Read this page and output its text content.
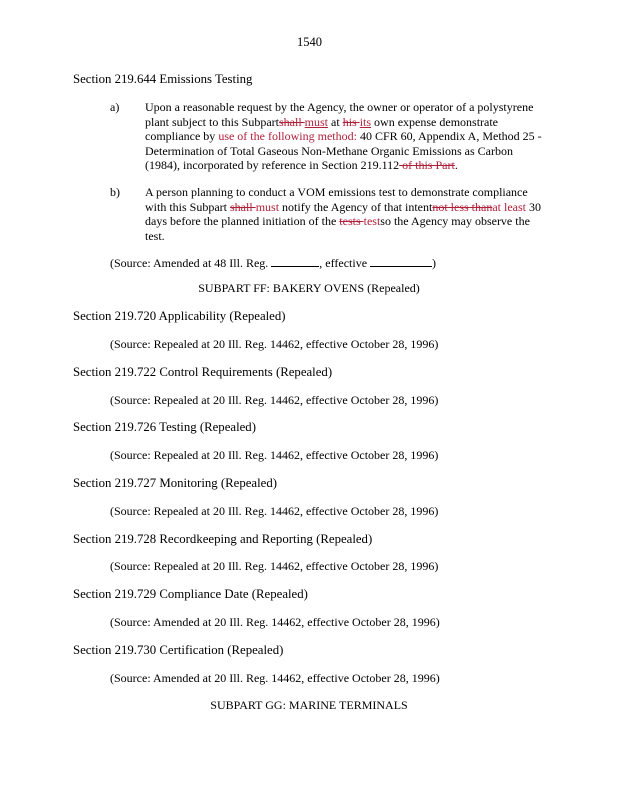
1540
Section 219.644 Emissions Testing
a) Upon a reasonable request by the Agency, the owner or operator of a polystyrene plant subject to this Subpartshall must at his its own expense demonstrate compliance by use of the following method: 40 CFR 60, Appendix A, Method 25 - Determination of Total Gaseous Non-Methane Organic Emissions as Carbon (1984), incorporated by reference in Section 219.112 of this Part.
b) A person planning to conduct a VOM emissions test to demonstrate compliance with this Subpart shall must notify the Agency of that intentnot less thanat least 30 days before the planned initiation of the tests testso the Agency may observe the test.
(Source: Amended at 48 Ill. Reg.	, effective	)
SUBPART FF: BAKERY OVENS (Repealed)
Section 219.720 Applicability (Repealed)
(Source: Repealed at 20 Ill. Reg. 14462, effective October 28, 1996)
Section 219.722 Control Requirements (Repealed)
(Source: Repealed at 20 Ill. Reg. 14462, effective October 28, 1996)
Section 219.726 Testing (Repealed)
(Source: Repealed at 20 Ill. Reg. 14462, effective October 28, 1996)
Section 219.727 Monitoring (Repealed)
(Source: Repealed at 20 Ill. Reg. 14462, effective October 28, 1996)
Section 219.728 Recordkeeping and Reporting (Repealed)
(Source: Repealed at 20 Ill. Reg. 14462, effective October 28, 1996)
Section 219.729 Compliance Date (Repealed)
(Source: Amended at 20 Ill. Reg. 14462, effective October 28, 1996)
Section 219.730 Certification (Repealed)
(Source: Amended at 20 Ill. Reg. 14462, effective October 28, 1996)
SUBPART GG: MARINE TERMINALS
